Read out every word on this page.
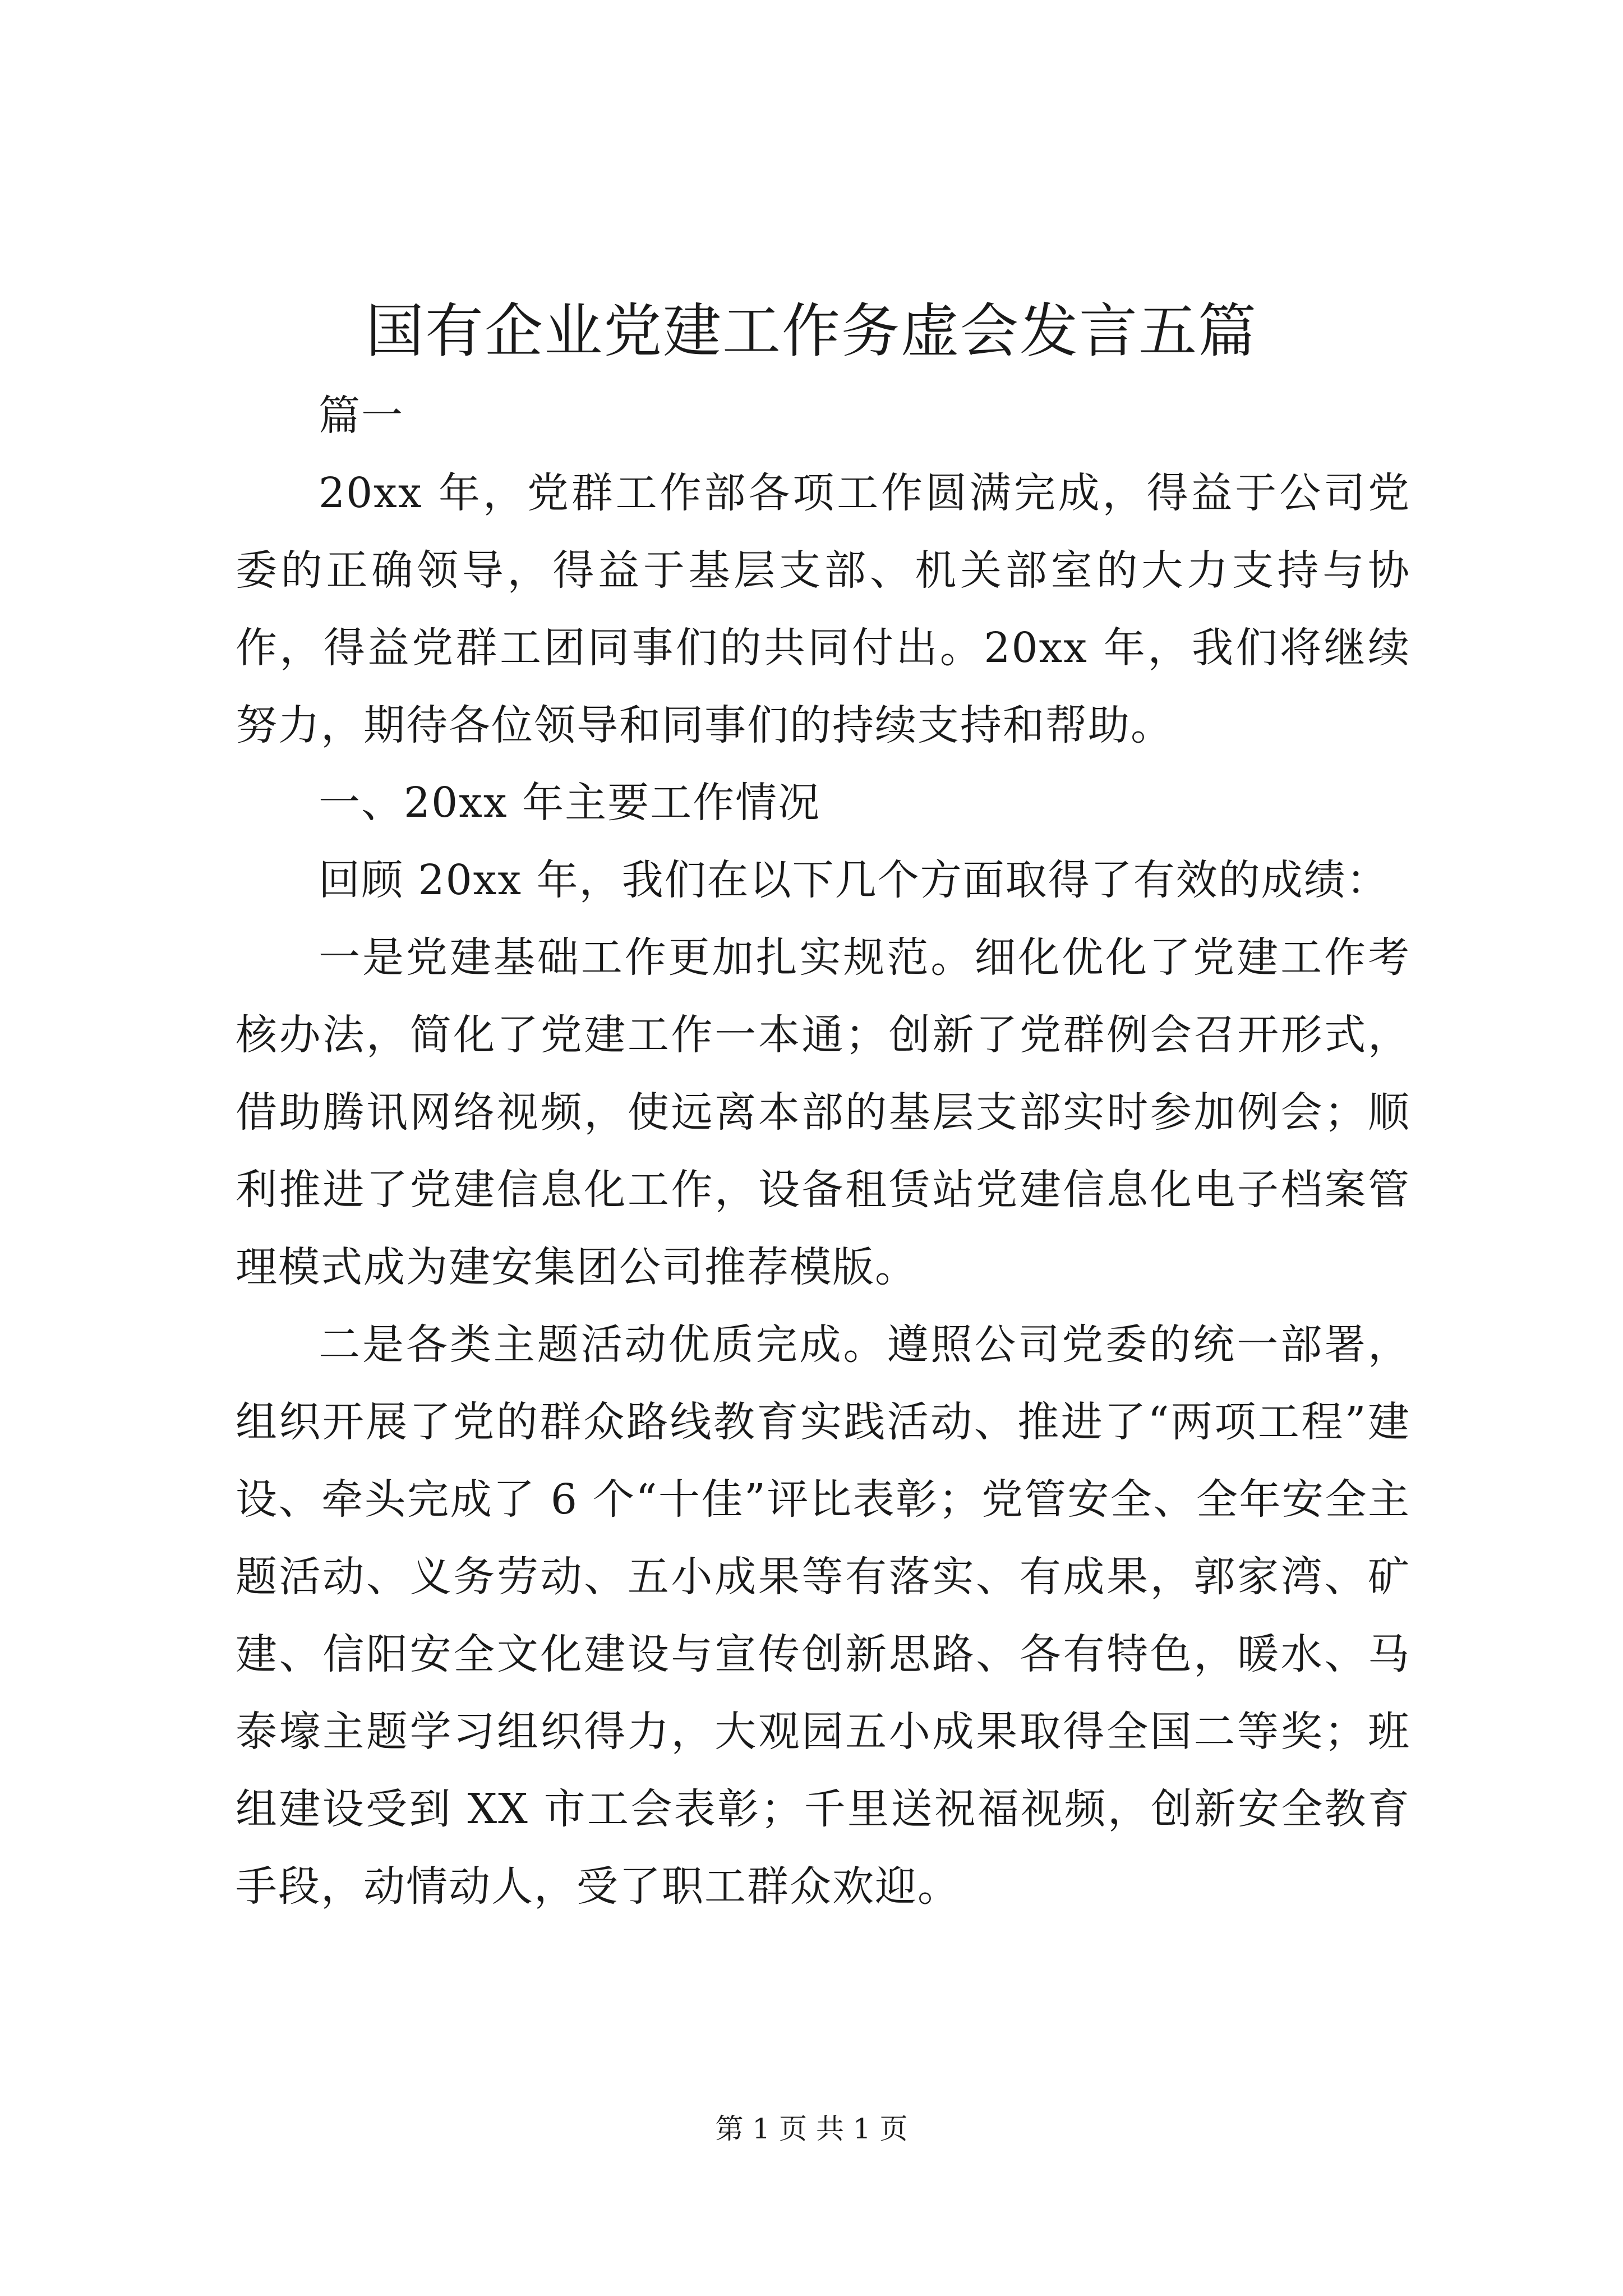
国有企业党建工作务虚会发言五篇

篇一

20xx 年，党群工作部各项工作圆满完成，得益于公司党委的正确领导，得益于基层支部、机关部室的大力支持与协作，得益党群工团同事们的共同付出。20xx 年，我们将继续努力，期待各位领导和同事们的持续支持和帮助。

一、20xx 年主要工作情况

回顾 20xx 年，我们在以下几个方面取得了有效的成绩：

一是党建基础工作更加扎实规范。细化优化了党建工作考核办法，简化了党建工作一本通；创新了党群例会召开形式，借助腾讯网络视频，使远离本部的基层支部实时参加例会；顺利推进了党建信息化工作，设备租赁站党建信息化电子档案管理模式成为建安集团公司推荐模版。

二是各类主题活动优质完成。遵照公司党委的统一部署，组织开展了党的群众路线教育实践活动、推进了“两项工程”建设、牵头完成了 6 个“十佳”评比表彰；党管安全、全年安全主题活动、义务劳动、五小成果等有落实、有成果，郭家湾、矿建、信阳安全文化建设与宣传创新思路、各有特色，暖水、马泰壕主题学习组织得力，大观园五小成果取得全国二等奖；班组建设受到 XX 市工会表彰；千里送祝福视频，创新安全教育手段，动情动人，受了职工群众欢迎。

第 1 页 共 1 页
